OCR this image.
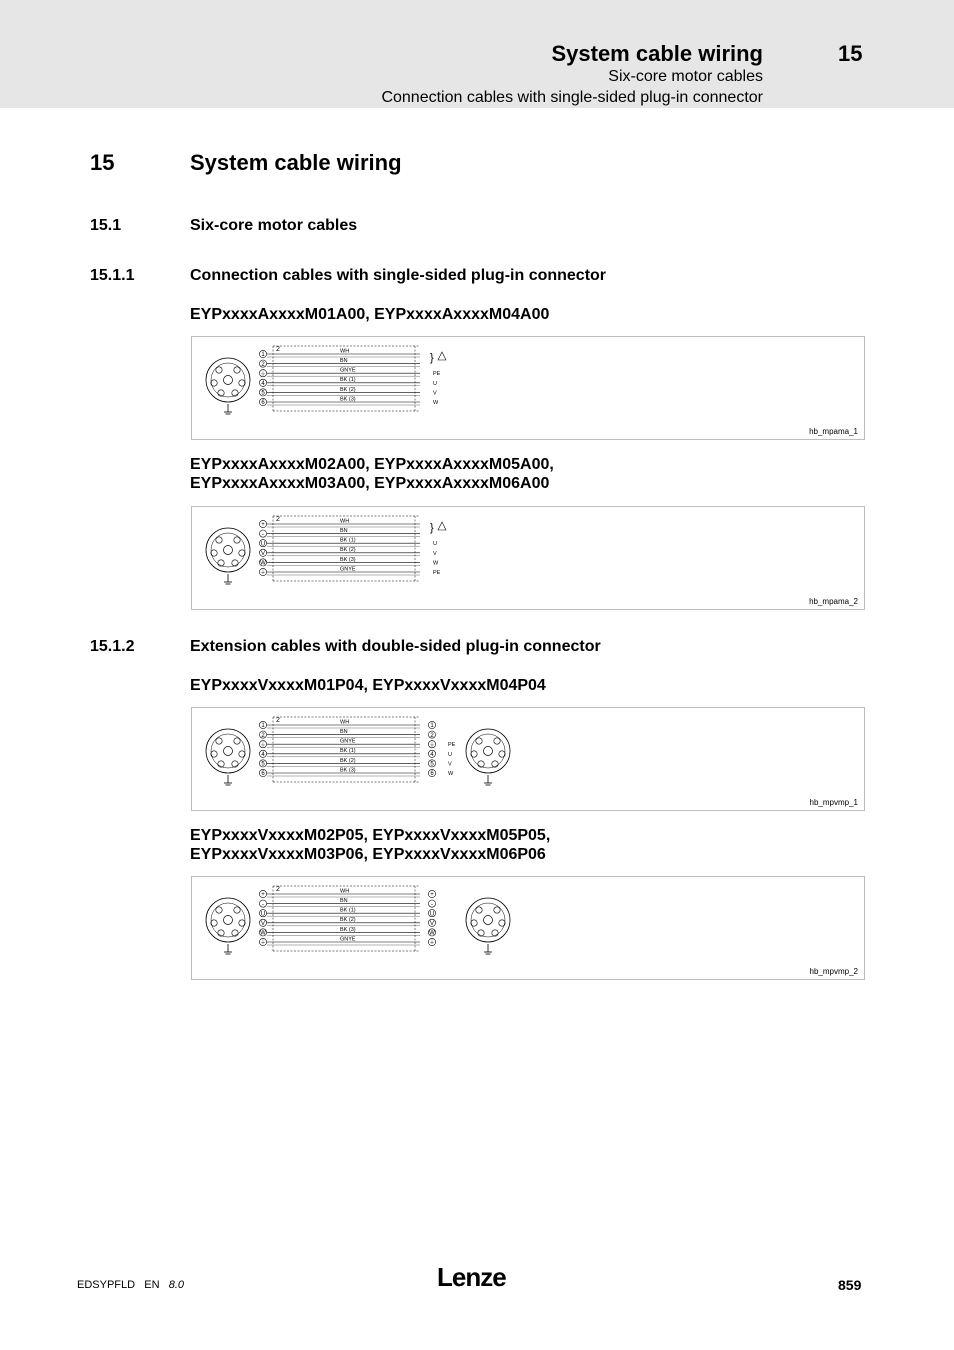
System cable wiring	15
Six-core motor cables
Connection cables with single-sided plug-in connector
15	System cable wiring
15.1	Six-core motor cables
15.1.1	Connection cables with single-sided plug-in connector
EYPxxxxAxxxxM01A00, EYPxxxxAxxxxM04A00
1
WH
2
BN
⏚
GNYE
PE
4
BK (1)
U
5
BK (2)
V
6
BK (3)
W
2
}
hb_mpama_1
EYPxxxxAxxxxM02A00, EYPxxxxAxxxxM05A00,
EYPxxxxAxxxxM03A00, EYPxxxxAxxxxM06A00
+
WH
-
BN
U
BK (1)
U
V
BK (2)
V
W
BK (3)
W
⏚
GNYE
PE
2
}
hb_mpama_2
15.1.2	Extension cables with double-sided plug-in connector
EYPxxxxVxxxxM01P04, EYPxxxxVxxxxM04P04
1
WH
1
2
BN
2
⏚
GNYE
⏚ PE
4
BK (1)
4	U
5
BK (2)
5	V
6
BK (3)
6	W
2
hb_mpvmp_1
EYPxxxxVxxxxM02P05, EYPxxxxVxxxxM05P05,
EYPxxxxVxxxxM03P06, EYPxxxxVxxxxM06P06
+
WH
+
-
BN
-
U
BK (1)
U
V
BK (2)
V
W
BK (3)
W
⏚
GNYE
⏚
2
hb_mpvmp_2
EDSYPFLD EN 8.0	Lenze	859
